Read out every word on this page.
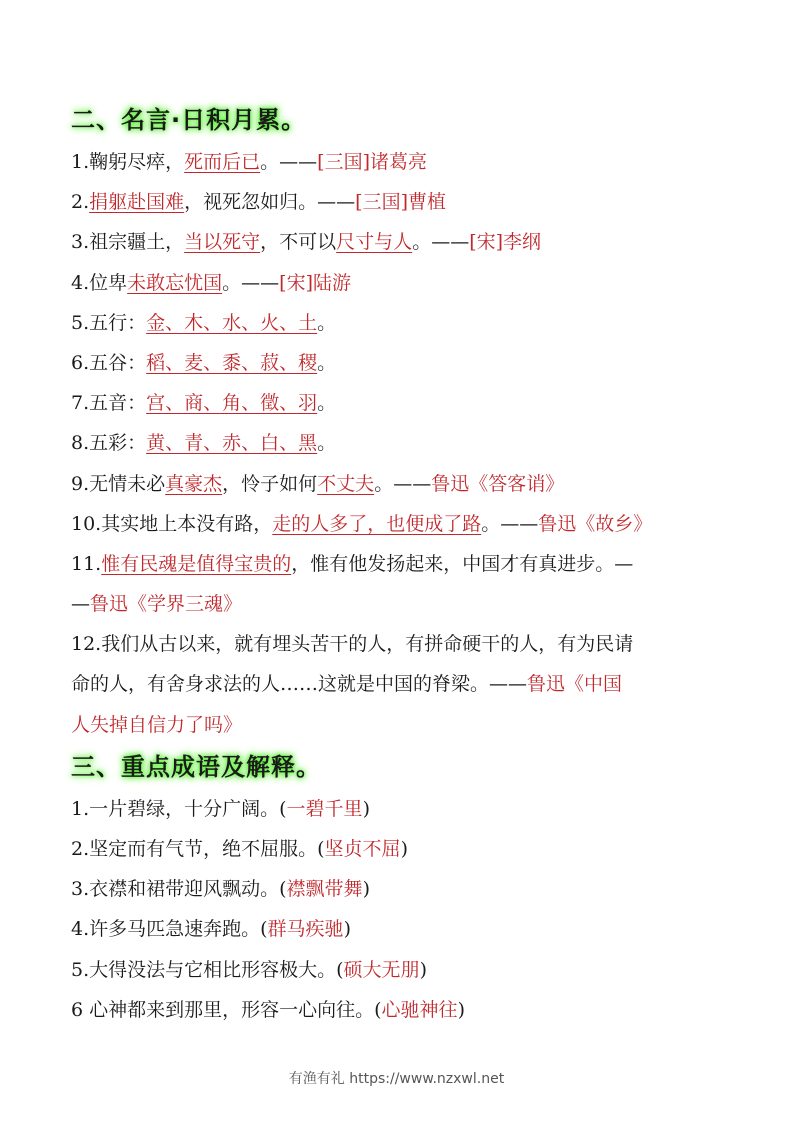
二、名言·日积月累。
1.鞠躬尽瘁，死而后已。——[三国]诸葛亮
2.捐躯赴国难，视死忽如归。——[三国]曹植
3.祖宗疆土，当以死守，不可以尺寸与人。——[宋]李纲
4.位卑未敢忘忧国。——[宋]陆游
5.五行：金、木、水、火、土。
6.五谷：稻、麦、黍、菽、稷。
7.五音：宫、商、角、徵、羽。
8.五彩：黄、青、赤、白、黑。
9.无情未必真豪杰，怜子如何不丈夫。——鲁迅《答客诮》
10.其实地上本没有路，走的人多了，也便成了路。——鲁迅《故乡》
11.惟有民魂是值得宝贵的，惟有他发扬起来，中国才有真进步。—
—鲁迅《学界三魂》
12.我们从古以来，就有埋头苦干的人，有拼命硬干的人，有为民请
命的人，有舍身求法的人……这就是中国的脊梁。——鲁迅《中国
人失掉自信力了吗》
三、重点成语及解释。
1.一片碧绿，十分广阔。(一碧千里)
2.坚定而有气节，绝不屈服。(坚贞不屈)
3.衣襟和裙带迎风飘动。(襟飘带舞)
4.许多马匹急速奔跑。(群马疾驰)
5.大得没法与它相比形容极大。(硕大无朋)
6 心神都来到那里，形容一心向往。(心驰神往)
有渔有礼 https://www.nzxwl.net
